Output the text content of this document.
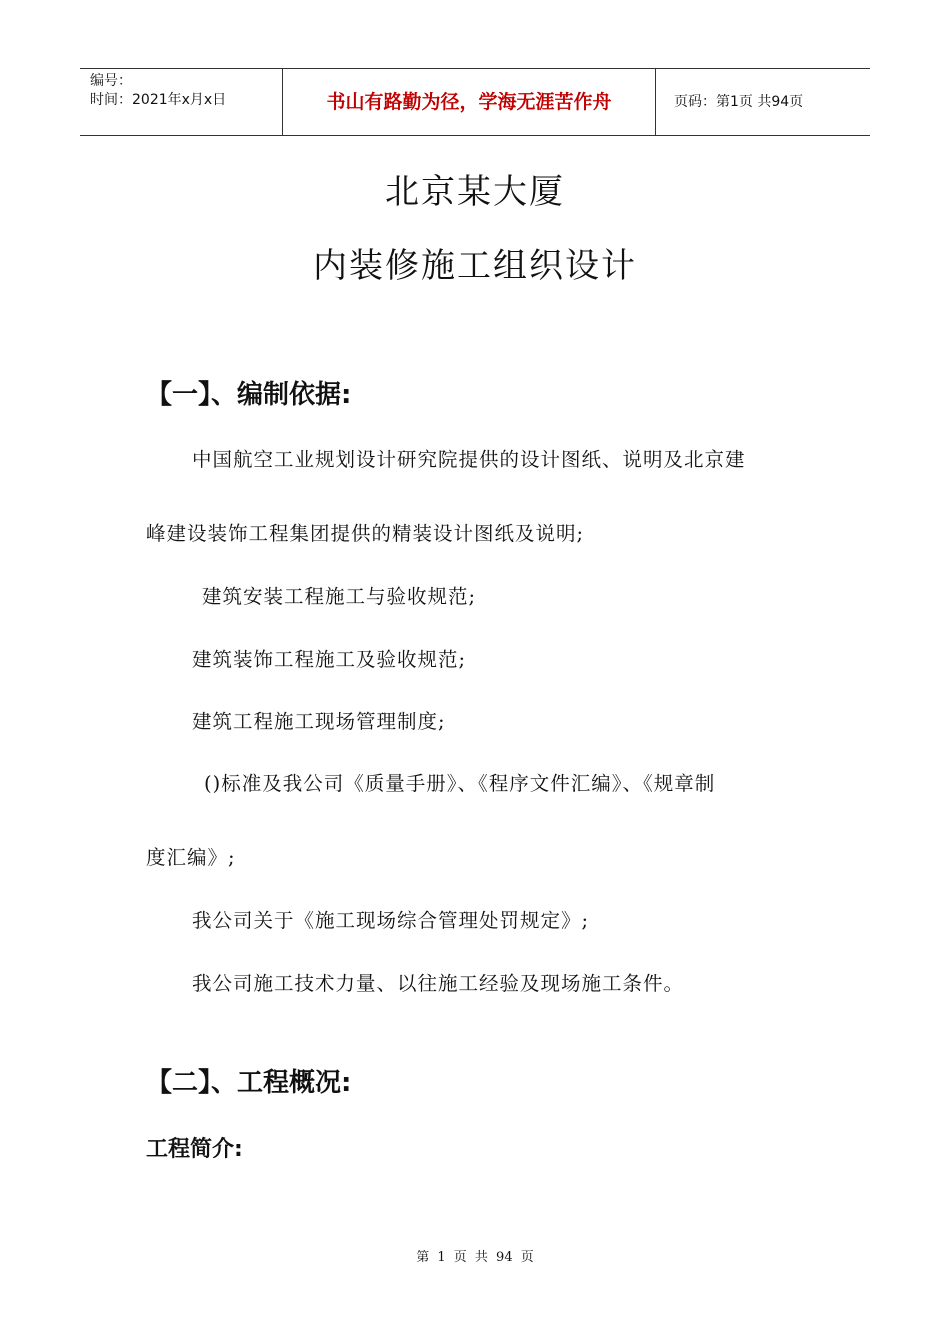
编号：
时间：2021年x月x日	书山有路勤为径，学海无涯苦作舟	页码：第1页 共94页
北京某大厦
内装修施工组织设计
【一】、编制依据:
中国航空工业规划设计研究院提供的设计图纸、说明及北京建
峰建设装饰工程集团提供的精装设计图纸及说明;
建筑安装工程施工与验收规范;
建筑装饰工程施工及验收规范;
建筑工程施工现场管理制度;
()标准及我公司《质量手册》、《程序文件汇编》、《规章制
度汇编》;
我公司关于《施工现场综合管理处罚规定》;
我公司施工技术力量、以往施工经验及现场施工条件。
【二】、工程概况:
工程简介:
第 1 页 共 94 页
